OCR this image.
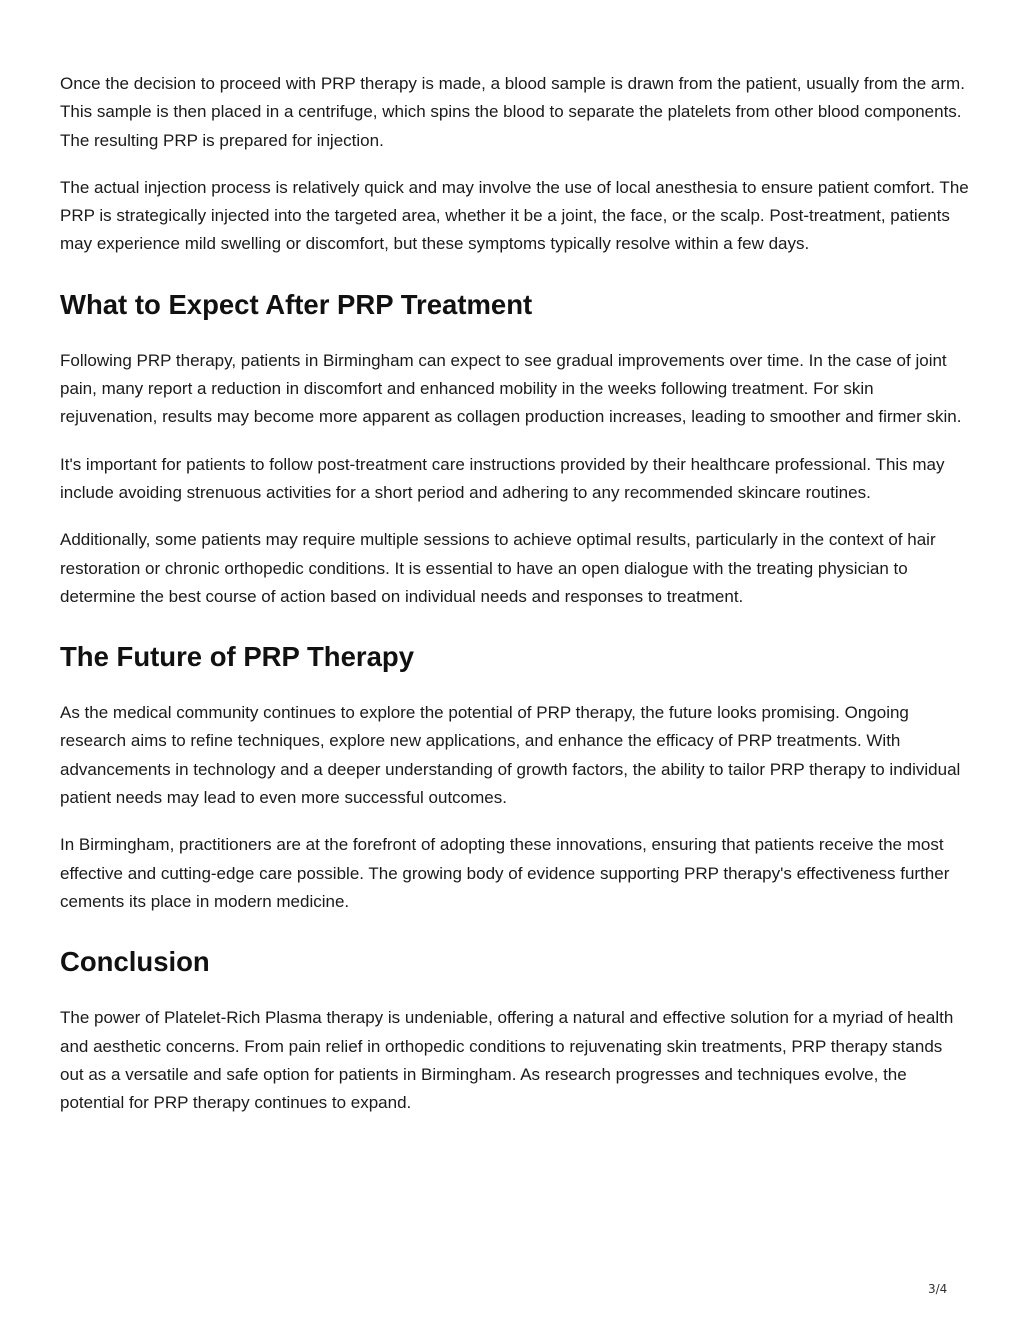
Once the decision to proceed with PRP therapy is made, a blood sample is drawn from the patient, usually from the arm. This sample is then placed in a centrifuge, which spins the blood to separate the platelets from other blood components. The resulting PRP is prepared for injection.

The actual injection process is relatively quick and may involve the use of local anesthesia to ensure patient comfort. The PRP is strategically injected into the targeted area, whether it be a joint, the face, or the scalp. Post-treatment, patients may experience mild swelling or discomfort, but these symptoms typically resolve within a few days.

What to Expect After PRP Treatment

Following PRP therapy, patients in Birmingham can expect to see gradual improvements over time. In the case of joint pain, many report a reduction in discomfort and enhanced mobility in the weeks following treatment. For skin rejuvenation, results may become more apparent as collagen production increases, leading to smoother and firmer skin.

It's important for patients to follow post-treatment care instructions provided by their healthcare professional. This may include avoiding strenuous activities for a short period and adhering to any recommended skincare routines.

Additionally, some patients may require multiple sessions to achieve optimal results, particularly in the context of hair restoration or chronic orthopedic conditions. It is essential to have an open dialogue with the treating physician to determine the best course of action based on individual needs and responses to treatment.

The Future of PRP Therapy

As the medical community continues to explore the potential of PRP therapy, the future looks promising. Ongoing research aims to refine techniques, explore new applications, and enhance the efficacy of PRP treatments. With advancements in technology and a deeper understanding of growth factors, the ability to tailor PRP therapy to individual patient needs may lead to even more successful outcomes.

In Birmingham, practitioners are at the forefront of adopting these innovations, ensuring that patients receive the most effective and cutting-edge care possible. The growing body of evidence supporting PRP therapy's effectiveness further cements its place in modern medicine.

Conclusion

The power of Platelet-Rich Plasma therapy is undeniable, offering a natural and effective solution for a myriad of health and aesthetic concerns. From pain relief in orthopedic conditions to rejuvenating skin treatments, PRP therapy stands out as a versatile and safe option for patients in Birmingham. As research progresses and techniques evolve, the potential for PRP therapy continues to expand.

3/4
